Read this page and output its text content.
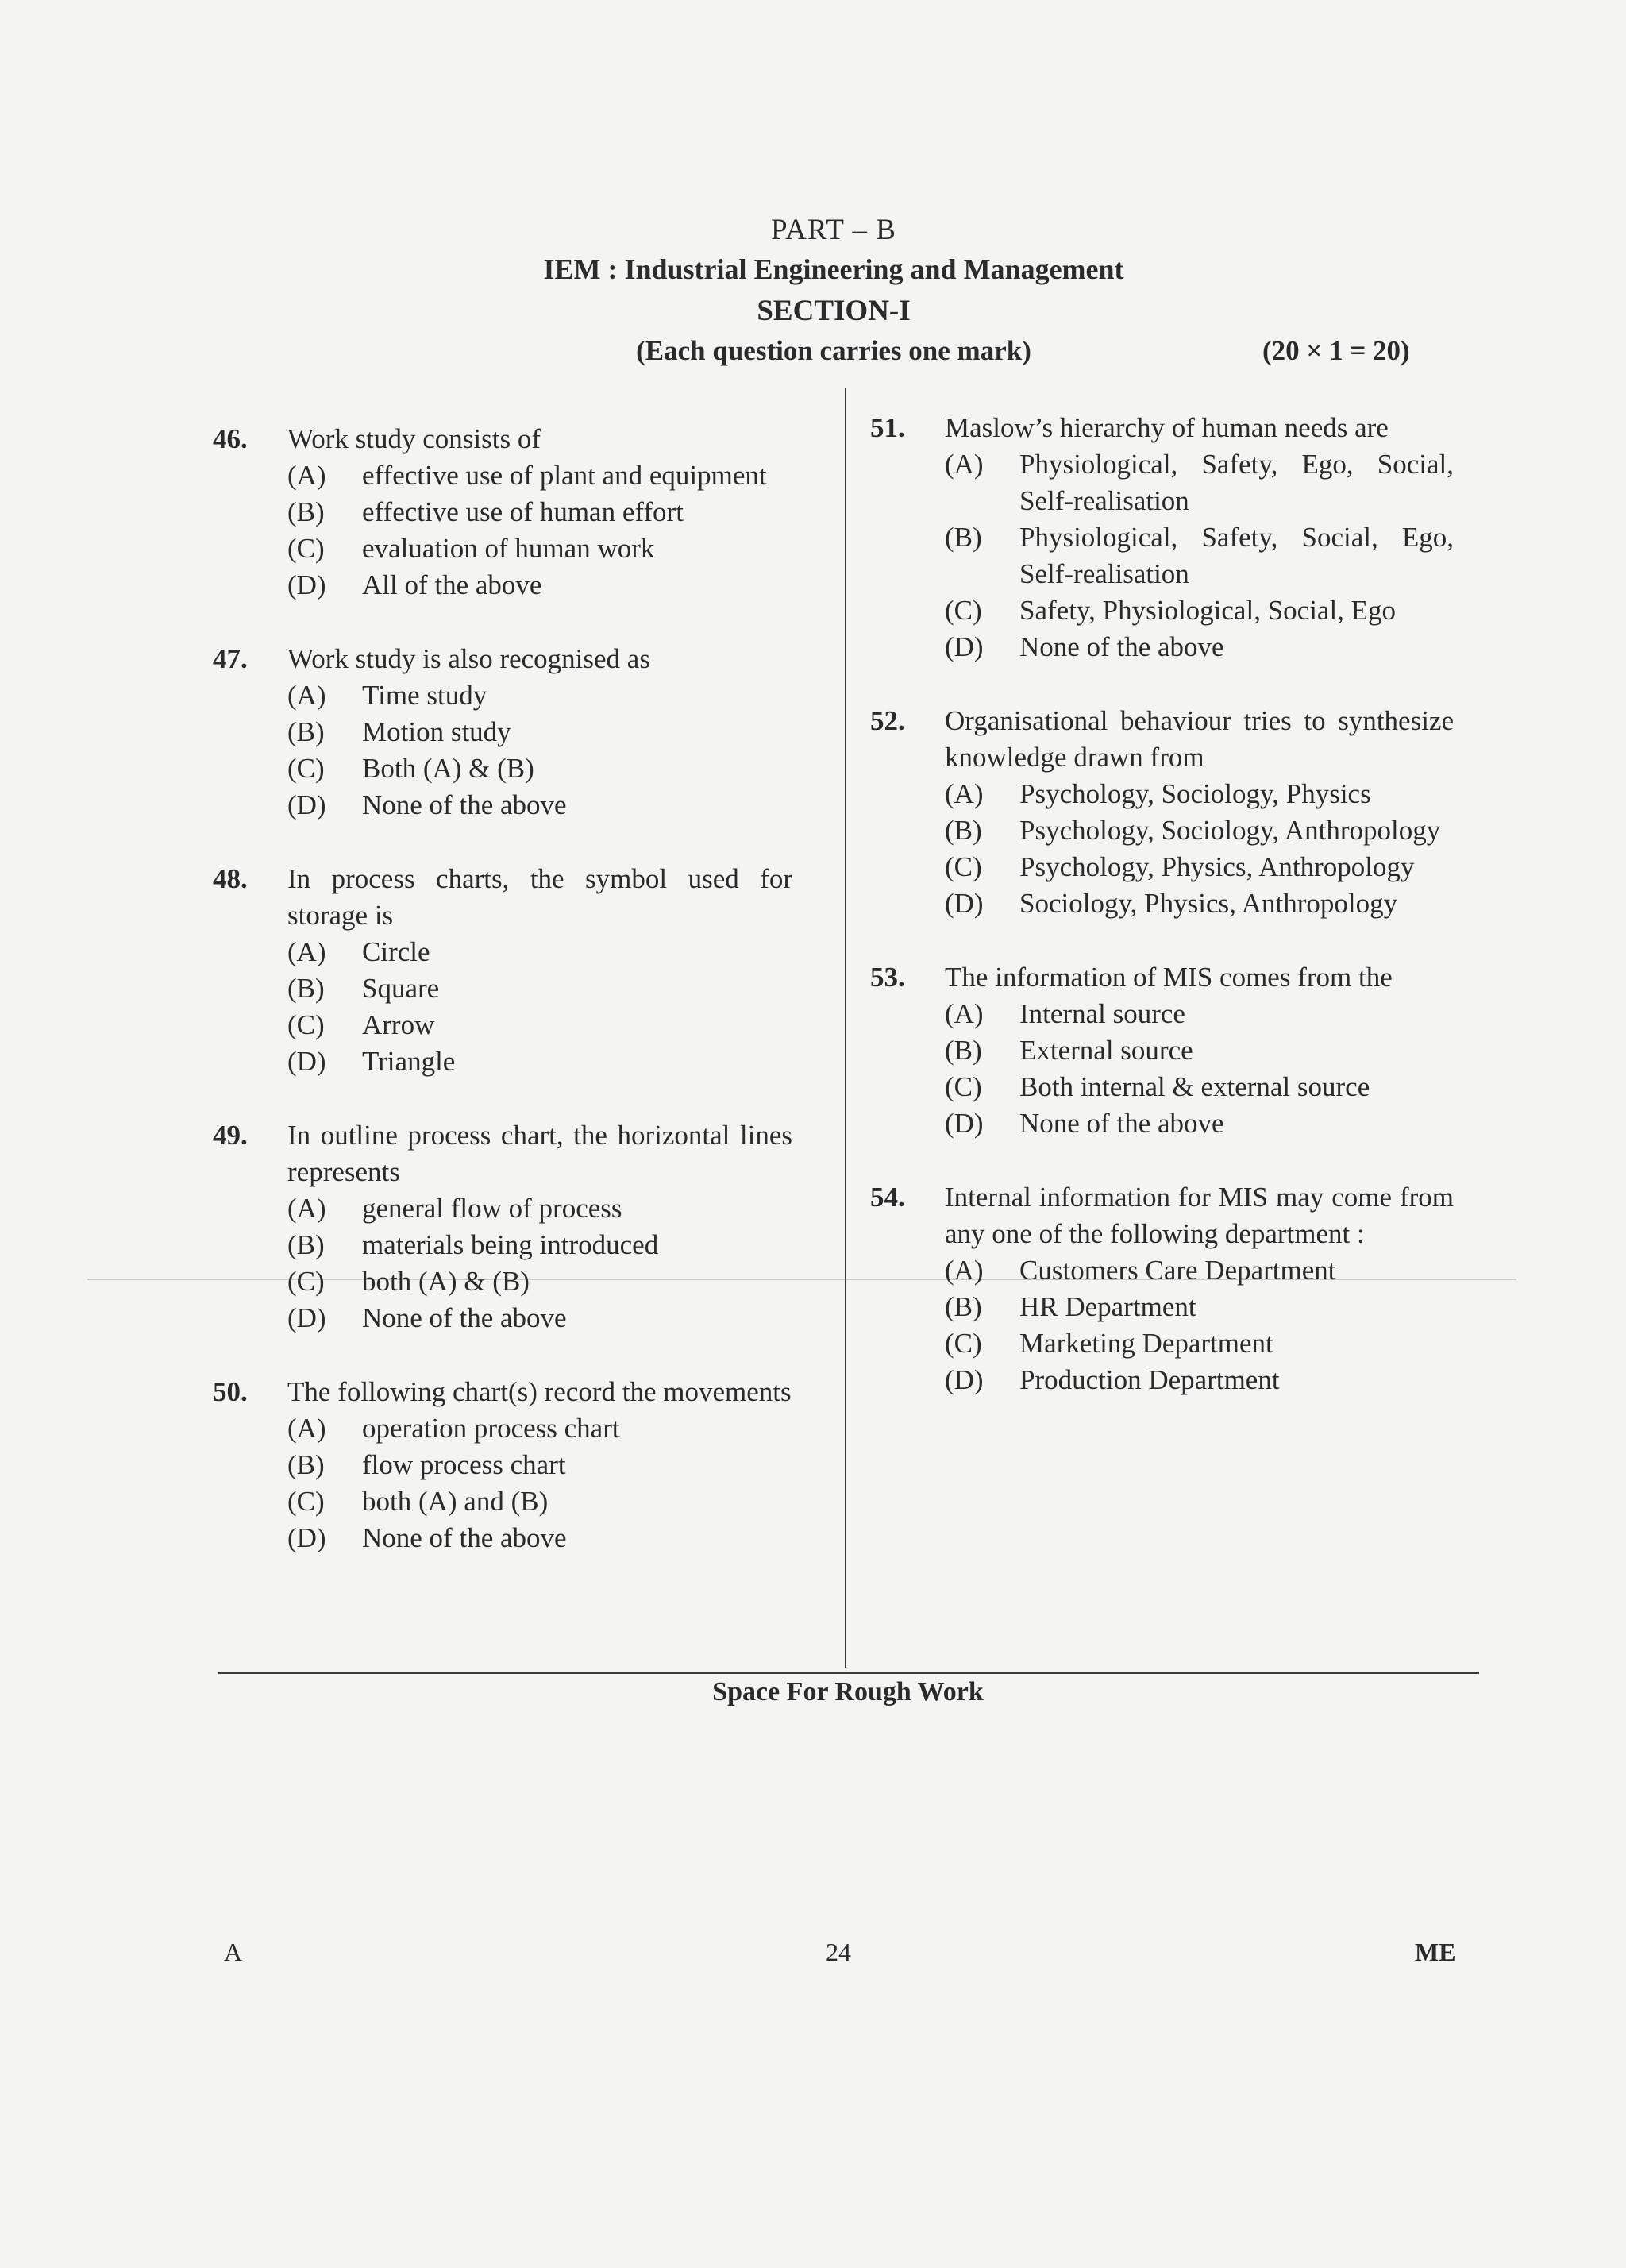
PART – B
IEM : Industrial Engineering and Management
SECTION-I
(Each question carries one mark)	(20 × 1 = 20)
46. Work study consists of
(A) effective use of plant and equipment
(B) effective use of human effort
(C) evaluation of human work
(D) All of the above
47. Work study is also recognised as
(A) Time study
(B) Motion study
(C) Both (A) & (B)
(D) None of the above
48. In process charts, the symbol used for storage is
(A) Circle
(B) Square
(C) Arrow
(D) Triangle
49. In outline process chart, the horizontal lines represents
(A) general flow of process
(B) materials being introduced
(C) both (A) & (B)
(D) None of the above
50. The following chart(s) record the movements
(A) operation process chart
(B) flow process chart
(C) both (A) and (B)
(D) None of the above
51. Maslow’s hierarchy of human needs are
(A) Physiological, Safety, Ego, Social, Self-realisation
(B) Physiological, Safety, Social, Ego, Self-realisation
(C) Safety, Physiological, Social, Ego
(D) None of the above
52. Organisational behaviour tries to synthesize knowledge drawn from
(A) Psychology, Sociology, Physics
(B) Psychology, Sociology, Anthropology
(C) Psychology, Physics, Anthropology
(D) Sociology, Physics, Anthropology
53. The information of MIS comes from the
(A) Internal source
(B) External source
(C) Both internal & external source
(D) None of the above
54. Internal information for MIS may come from any one of the following department :
(A) Customers Care Department
(B) HR Department
(C) Marketing Department
(D) Production Department
Space For Rough Work
A	24	ME
